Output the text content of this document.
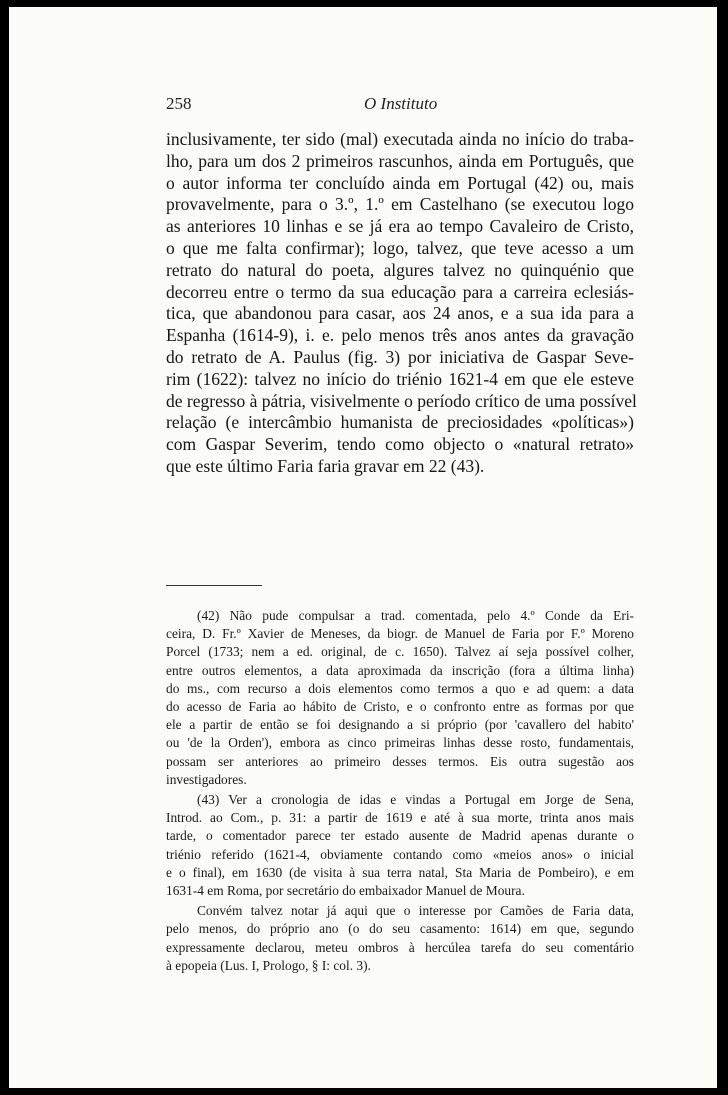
258	O Instituto
inclusivamente, ter sido (mal) executada ainda no início do traba-
lho, para um dos 2 primeiros rascunhos, ainda em Português, que
o autor informa ter concluído ainda em Portugal (42) ou, mais
provavelmente, para o 3.º, 1.º em Castelhano (se executou logo
as anteriores 10 linhas e se já era ao tempo Cavaleiro de Cristo,
o que me falta confirmar); logo, talvez, que teve acesso a um
retrato do natural do poeta, algures talvez no quinquénio que
decorreu entre o termo da sua educação para a carreira eclesiás-
tica, que abandonou para casar, aos 24 anos, e a sua ida para a
Espanha (1614-9), i. e. pelo menos três anos antes da gravação
do retrato de A. Paulus (fig. 3) por iniciativa de Gaspar Seve-
rim (1622): talvez no início do triénio 1621-4 em que ele esteve
de regresso à pátria, visivelmente o período crítico de uma possível
relação (e intercâmbio humanista de preciosidades «políticas»)
com Gaspar Severim, tendo como objecto o «natural retrato»
que este último Faria faria gravar em 22 (43).
(42) Não pude compulsar a trad. comentada, pelo 4.º Conde da Eri-
ceira, D. Fr.º Xavier de Meneses, da biogr. de Manuel de Faria por F.º Moreno
Porcel (1733; nem a ed. original, de c. 1650). Talvez aí seja possível colher,
entre outros elementos, a data aproximada da inscrição (fora a última linha)
do ms., com recurso a dois elementos como termos a quo e ad quem: a data
do acesso de Faria ao hábito de Cristo, e o confronto entre as formas por que
ele a partir de então se foi designando a si próprio (por 'cavallero del habito'
ou 'de la Orden'), embora as cinco primeiras linhas desse rosto, fundamentais,
possam ser anteriores ao primeiro desses termos. Eis outra sugestão aos
investigadores.
(43) Ver a cronologia de idas e vindas a Portugal em Jorge de Sena,
Introd. ao Com., p. 31: a partir de 1619 e até à sua morte, trinta anos mais
tarde, o comentador parece ter estado ausente de Madrid apenas durante o
triénio referido (1621-4, obviamente contando como «meios anos» o inicial
e o final), em 1630 (de visita à sua terra natal, Sta Maria de Pombeiro), e em
1631-4 em Roma, por secretário do embaixador Manuel de Moura.
Convém talvez notar já aqui que o interesse por Camões de Faria data,
pelo menos, do próprio ano (o do seu casamento: 1614) em que, segundo
expressamente declarou, meteu ombros à hercúlea tarefa do seu comentário
à epopeia (Lus. I, Prologo, § I: col. 3).
